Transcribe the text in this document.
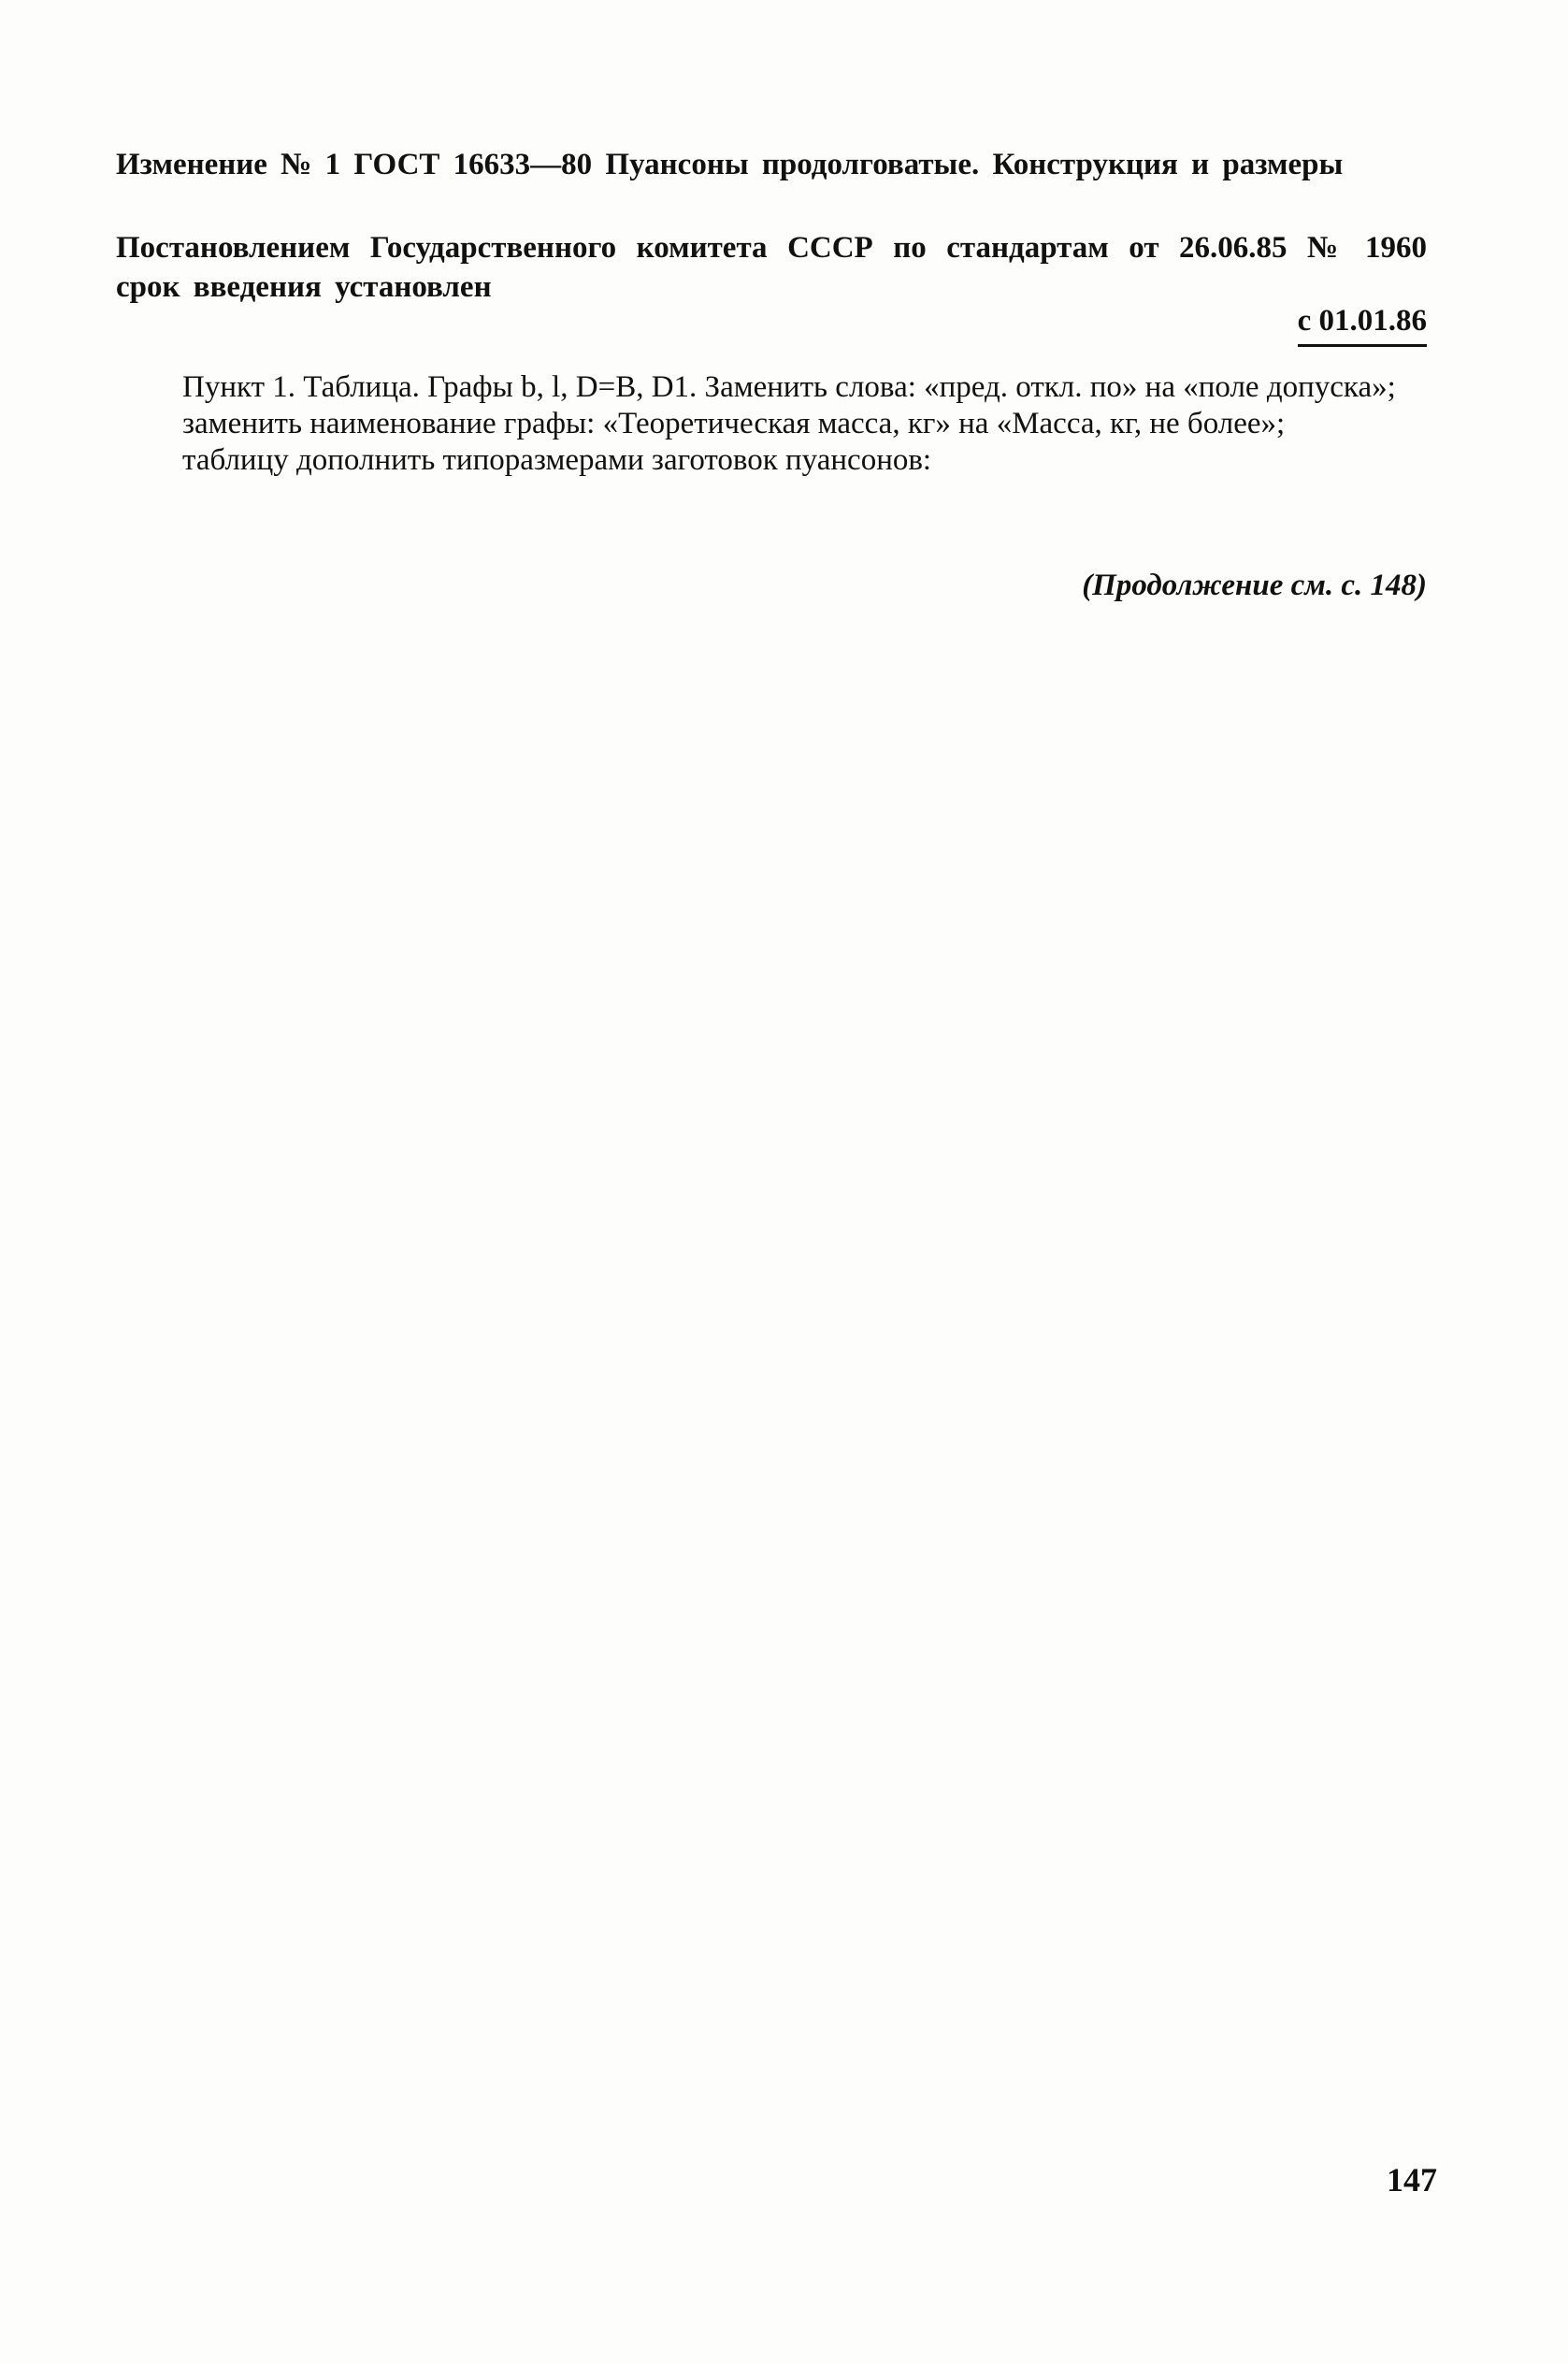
Изменение № 1 ГОСТ 16633—80 Пуансоны продолговатые. Конструкция и размеры
Постановлением Государственного комитета СССР по стандартам от 26.06.85 № 1960 срок введения установлен
с 01.01.86

Пункт 1. Таблица. Графы b, l, D=B, D1. Заменить слова: «пред. откл. по» на «поле допуска»;

заменить наименование графы: «Теоретическая масса, кг» на «Масса, кг, не более»;

таблицу дополнить типоразмерами заготовок пуансонов:

(Продолжение см. с. 148)
147
